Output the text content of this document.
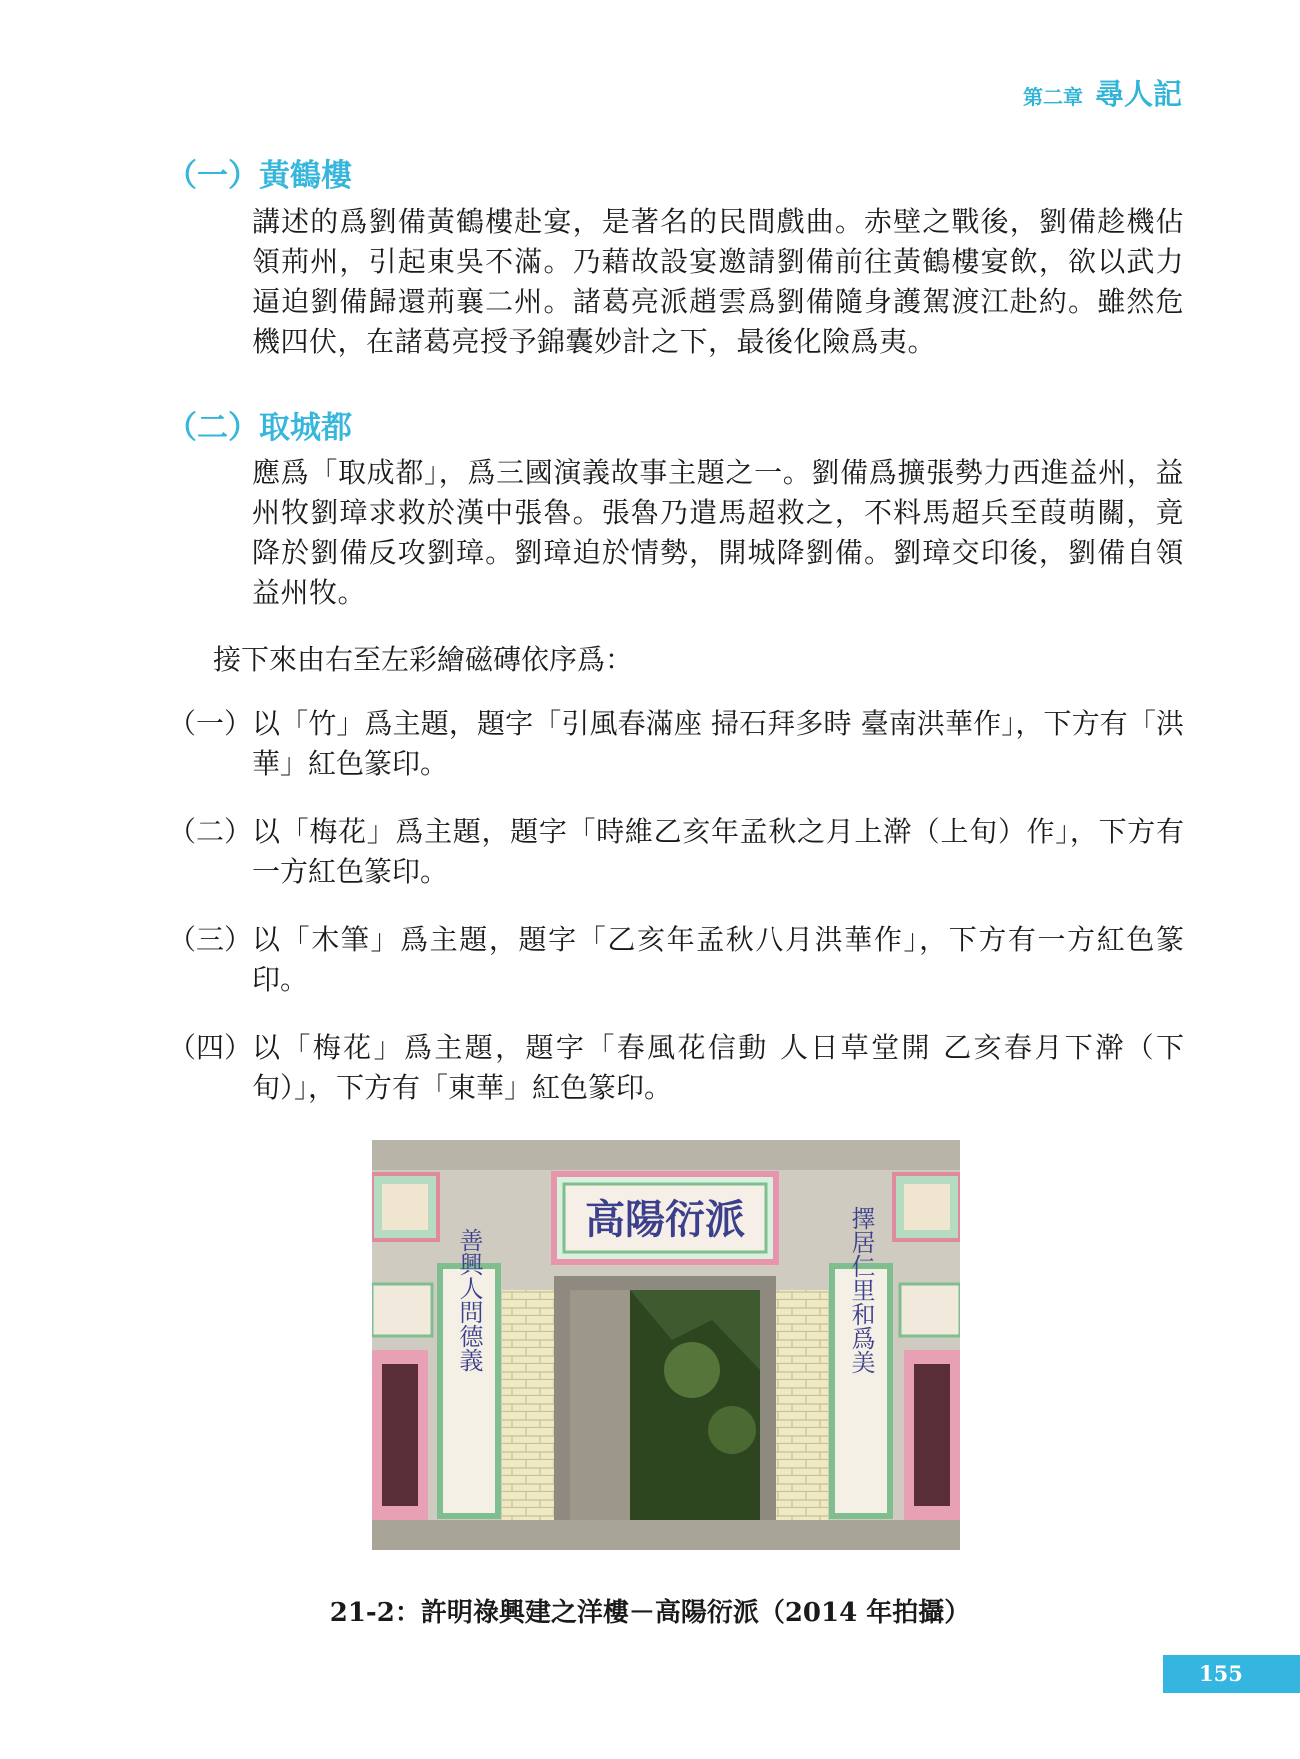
第二章 尋人記
（一）黃鶴樓

講述的爲劉備黃鶴樓赴宴，是著名的民間戲曲。赤壁之戰後，劉備趁機佔領荊州，引起東吳不滿。乃藉故設宴邀請劉備前往黃鶴樓宴飲，欲以武力逼迫劉備歸還荊襄二州。諸葛亮派趙雲爲劉備隨身護駕渡江赴約。雖然危機四伏，在諸葛亮授予錦囊妙計之下，最後化險爲夷。

（二）取城都

應爲「取成都」，爲三國演義故事主題之一。劉備爲擴張勢力西進益州，益州牧劉璋求救於漢中張魯。張魯乃遣馬超救之，不料馬超兵至葭萌關，竟降於劉備反攻劉璋。劉璋迫於情勢，開城降劉備。劉璋交印後，劉備自領益州牧。

接下來由右至左彩繪磁磚依序爲：

（一） 以「竹」爲主題，題字「引風春滿座 掃石拜多時 臺南洪華作」，下方有「洪華」紅色篆印。
（二） 以「梅花」爲主題，題字「時維乙亥年孟秋之月上澣（上旬）作」，下方有一方紅色篆印。
（三） 以「木筆」爲主題，題字「乙亥年孟秋八月洪華作」，下方有一方紅色篆印。
（四） 以「梅花」爲主題，題字「春風花信動 人日草堂開 乙亥春月下澣（下旬）」，下方有「東華」紅色篆印。
高陽衍派
善興人問德義	擇居仁里和爲美
21-2：許明祿興建之洋樓－高陽衍派（2014 年拍攝）
155
